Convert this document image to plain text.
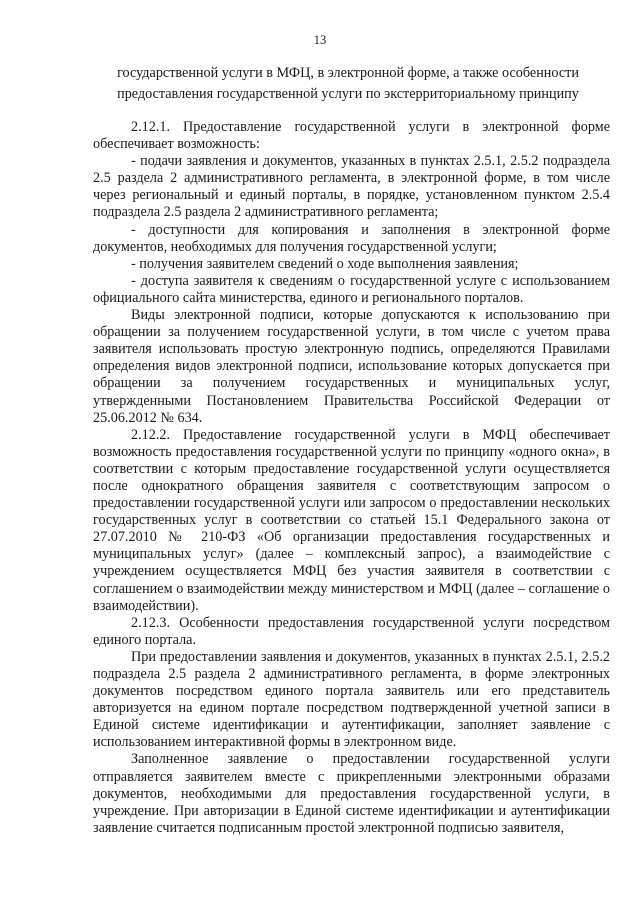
13
государственной услуги в МФЦ, в электронной форме, а также особенности
предоставления государственной услуги по экстерриториальному принципу

2.12.1. Предоставление государственной услуги в электронной форме обеспечивает возможность:

- подачи заявления и документов, указанных в пунктах 2.5.1, 2.5.2 подраздела 2.5 раздела 2 административного регламента, в электронной форме, в том числе через региональный и единый порталы, в порядке, установленном пунктом 2.5.4 подраздела 2.5 раздела 2 административного регламента;

- доступности для копирования и заполнения в электронной форме документов, необходимых для получения государственной услуги;

- получения заявителем сведений о ходе выполнения заявления;

- доступа заявителя к сведениям о государственной услуге с использованием официального сайта министерства, единого и регионального порталов.

Виды электронной подписи, которые допускаются к использованию при обращении за получением государственной услуги, в том числе с учетом права заявителя использовать простую электронную подпись, определяются Правилами определения видов электронной подписи, использование которых допускается при обращении за получением государственных и муниципальных услуг, утвержденными Постановлением Правительства Российской Федерации от 25.06.2012 № 634.

2.12.2. Предоставление государственной услуги в МФЦ обеспечивает возможность предоставления государственной услуги по принципу «одного окна», в соответствии с которым предоставление государственной услуги осуществляется после однократного обращения заявителя с соответствующим запросом о предоставлении государственной услуги или запросом о предоставлении нескольких государственных услуг в соответствии со статьей 15.1 Федерального закона от 27.07.2010 № 210-ФЗ «Об организации предоставления государственных и муниципальных услуг» (далее – комплексный запрос), а взаимодействие с учреждением осуществляется МФЦ без участия заявителя в соответствии с соглашением о взаимодействии между министерством и МФЦ (далее – соглашение о взаимодействии).

2.12.3. Особенности предоставления государственной услуги посредством единого портала.

При предоставлении заявления и документов, указанных в пунктах 2.5.1, 2.5.2 подраздела 2.5 раздела 2 административного регламента, в форме электронных документов посредством единого портала заявитель или его представитель авторизуется на едином портале посредством подтвержденной учетной записи в Единой системе идентификации и аутентификации, заполняет заявление с использованием интерактивной формы в электронном виде.

Заполненное заявление о предоставлении государственной услуги отправляется заявителем вместе с прикрепленными электронными образами документов, необходимыми для предоставления государственной услуги, в учреждение. При авторизации в Единой системе идентификации и аутентификации заявление считается подписанным простой электронной подписью заявителя,
